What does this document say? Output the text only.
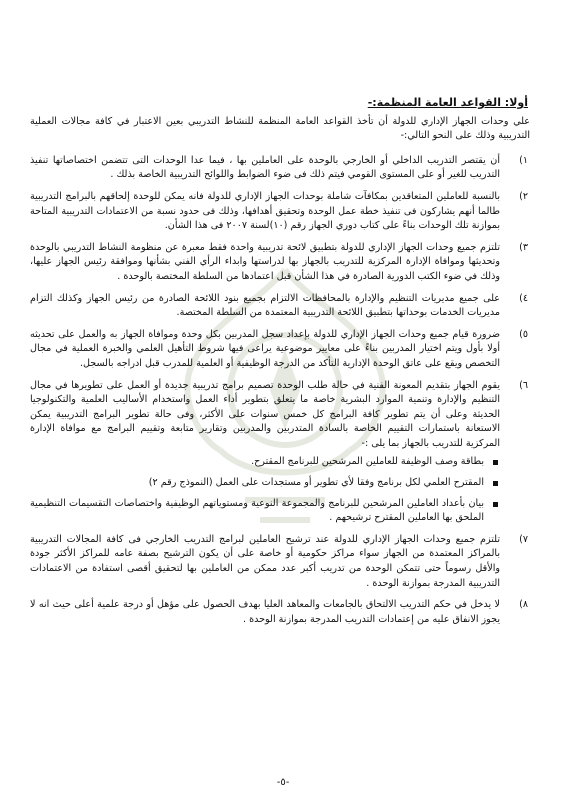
أولا: القواعد العامة المنظمة:-

علي وحدات الجهاز الإداري للدولة أن تأخذ القواعد العامة المنظمة للنشاط التدريبي بعين الاعتبار في كافة مجالات العملية التدريبية وذلك على النحو التالي:-

١)
أن يقتصر التدريب الداخلي أو الخارجي بالوحدة على العاملين بها ، فيما عدا الوحدات التى تتضمن اختصاصاتها تنفيذ التدريب للغير أو على المستوى القومي فيتم ذلك فى ضوء الضوابط واللوائح التدريبية الخاصة بذلك .
٢)
بالنسبة للعاملين المتعاقدين بمكافآت شاملة بوحدات الجهاز الإداري للدولة فانه يمكن للوحدة إلحاقهم بالبرامج التدريبية طالما أنهم يشاركون فى تنفيذ خطة عمل الوحدة وتحقيق أهدافها، وذلك فى حدود نسبة من الاعتمادات التدريبية المتاحة بموازنة تلك الوحدات بناءً على كتاب دوري الجهاز رقم (١٠)لسنة ٢٠٠٧ فى هذا الشأن.
٣)
تلتزم جميع وحدات الجهاز الإداري للدولة بتطبيق لائحة تدريبية واحدة فقط معبرة عن منظومة النشاط التدريبي بالوحدة وتحديثها وموافاة الإدارة المركزية للتدريب بالجهاز بها لدراستها وابداء الرأي الفني بشأنها وموافقة رئيس الجهاز عليها، وذلك في ضوء الكتب الدورية الصادرة في هذا الشأن قبل اعتمادها من السلطة المختصة بالوحدة .
٤)
على جميع مديريات التنظيم والإدارة بالمحافظات الالتزام بجميع بنود اللائحة الصادرة من رئيس الجهاز وكذلك التزام مديريات الخدمات بوحداتها بتطبيق اللائحة التدريبية المعتمدة من السلطة المختصة.
٥)
ضرورة قيام جميع وحدات الجهاز الإداري للدولة بإعداد سجل المدربين بكل وحدة وموافاة الجهاز به والعمل على تحديثه أولا بأول ويتم اختيار المدربين بناءً على معايير موضوعية يراعى فيها شروط التأهيل العلمي والخبرة العملية في مجال التخصص ويقع على عاتق الوحدة الإدارية التأكد من الدرجة الوظيفية أو العلمية للمدرب قبل ادراجه بالسجل.
٦)
يقوم الجهاز بتقديم المعونة الفنية في حالة طلب الوحدة تصميم برامج تدريبية جديدة أو العمل على تطويرها في مجال التنظيم والإدارة وتنمية الموارد البشرية خاصة ما يتعلق بتطوير أداء العمل واستخدام الأساليب العلمية والتكنولوجيا الحديثة وعلى أن يتم تطوير كافة البرامج كل خمس سنوات على الأكثر، وفى حالة تطوير البرامج التدريبية يمكن الاستعانة باستمارات التقييم الخاصة بالسادة المتدربين والمدربين وتقارير متابعة وتقييم البرامج مع موافاة الإدارة المركزية للتدريب بالجهاز بما يلى :-
بطاقة وصف الوظيفة للعاملين المرشحين للبرنامج المقترح.
المقترح العلمي لكل برنامج وفقا لأي تطوير أو مستجدات على العمل (النموذج رقم ٢)
بيان بأعداد العاملين المرشحين للبرنامج والمجموعة النوعية ومستوياتهم الوظيفية واختصاصات التقسيمات التنظيمية الملحق بها العاملين المقترح ترشيحهم .
٧)
تلتزم جميع وحدات الجهاز الإداري للدولة عند ترشيح العاملين لبرامج التدريب الخارجي فى كافة المجالات التدريبية بالمراكز المعتمدة من الجهاز سواء مراكز حكومية أو خاصة على أن يكون الترشيح بصفة عامه للمراكز الأكثر جودة والأقل رسوماً حتى تتمكن الوحدة من تدريب أكبر عدد ممكن من العاملين بها لتحقيق أقصى استفادة من الاعتمادات التدريبية المدرجة بموازنة الوحدة .
٨)
لا يدخل في حكم التدريب الالتحاق بالجامعات والمعاهد العليا بهدف الحصول على مؤهل أو درجة علمية أعلى حيث انه لا يجوز الانفاق عليه من إعتمادات التدريب المدرجة بموازنة الوحدة .
-٥-
